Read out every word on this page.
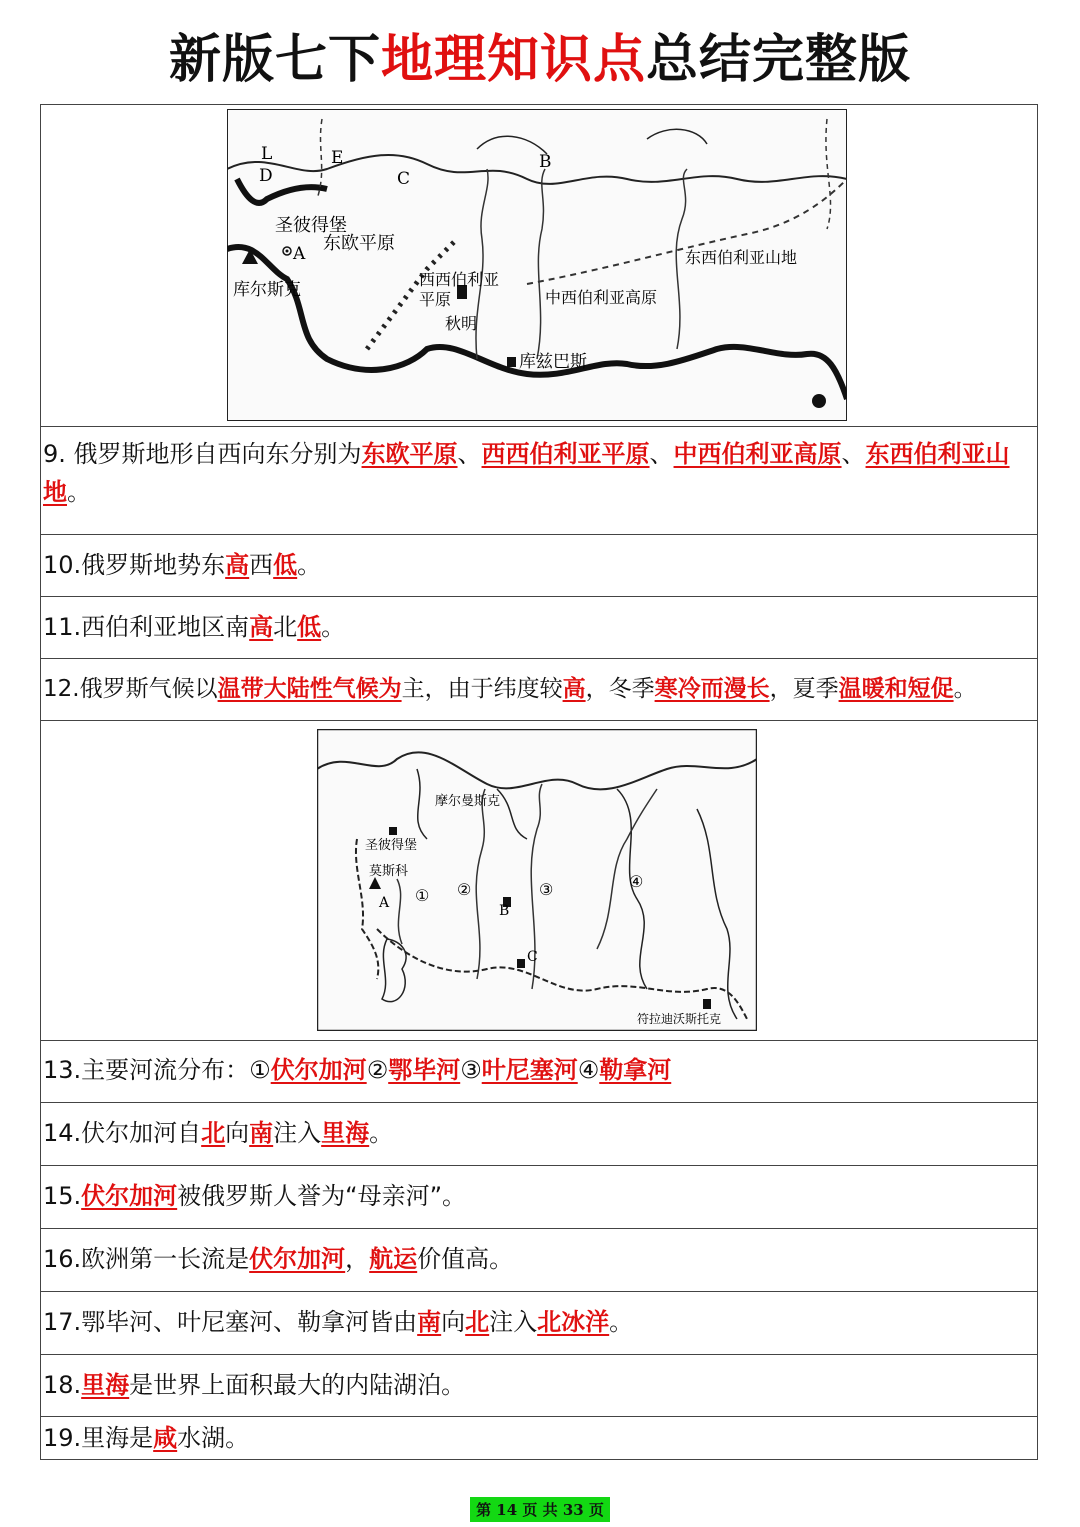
新版七下地理知识点总结完整版
L
D
E
C
B
A
圣彼得堡
东欧平原
库尔斯克
西西伯利亚
平原
秋明
中西伯利亚高原
东西伯利亚山地
库兹巴斯
9. 俄罗斯地形自西向东分别为东欧平原、西西伯利亚平原、中西伯利亚高原、东西伯利亚山地。
10.俄罗斯地势东高西低。
11.西伯利亚地区南高北低。
12.俄罗斯气候以温带大陆性气候为主，由于纬度较高，冬季寒冷而漫长，夏季温暖和短促。
摩尔曼斯克
圣彼得堡
莫斯科
A ① ②	③	④
B
C
符拉迪沃斯托克
13.主要河流分布：①伏尔加河②鄂毕河③叶尼塞河④勒拿河
14.伏尔加河自北向南注入里海。
15.伏尔加河被俄罗斯人誉为“母亲河”。
16.欧洲第一长流是伏尔加河，航运价值高。
17.鄂毕河、叶尼塞河、勒拿河皆由南向北注入北冰洋。
18.里海是世界上面积最大的内陆湖泊。
19.里海是咸水湖。
第 14 页 共 33 页
